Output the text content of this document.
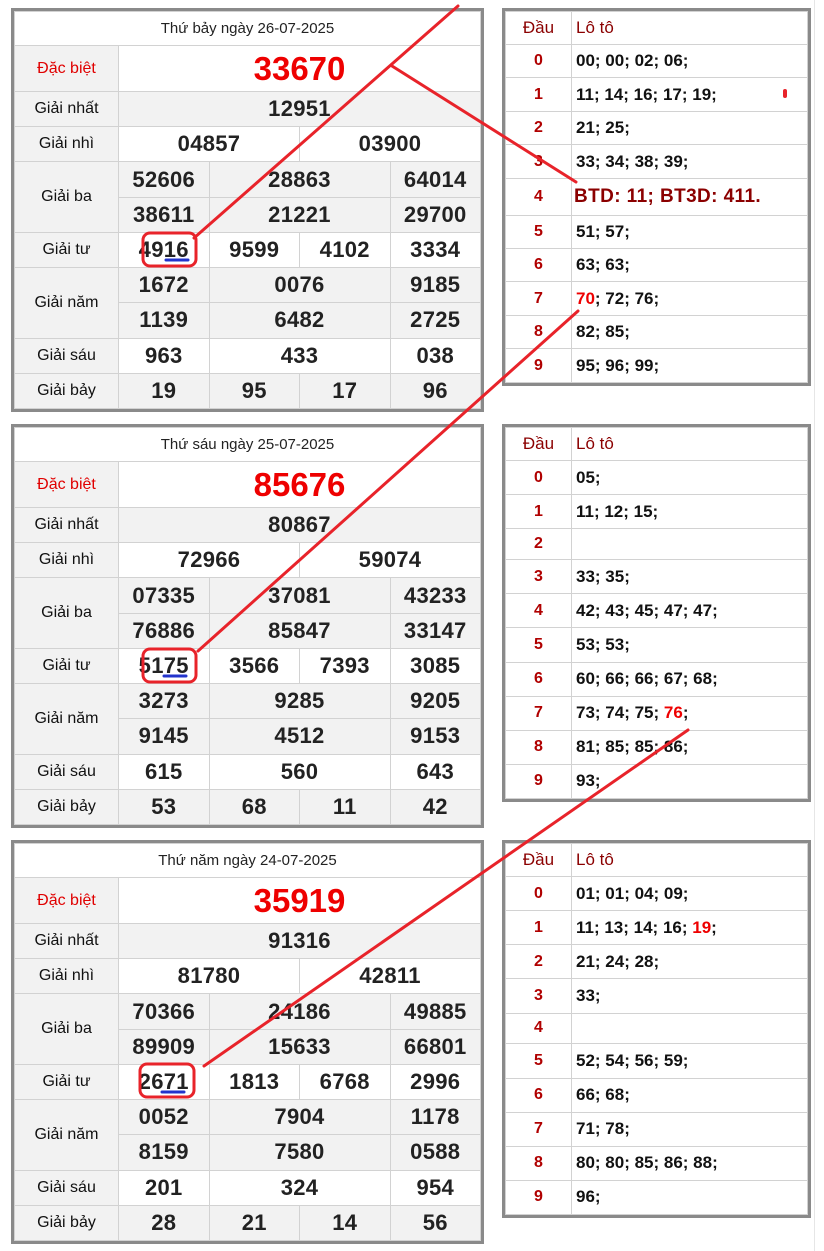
Thứ bảy ngày 26-07-2025				
Đặc biệt	33670			
Giải nhất	12951			
Giải nhì	04857		03900	
Giải ba	52606	28863		64014
	38611	21221		29700
Giải tư	4916	9599	4102	3334
Giải năm	1672	0076		9185
	1139	6482		2725
Giải sáu	963	433		038
Giải bảy	19	95	17	96
Đầu	Lô tô
0	00; 00; 02; 06;
1	11; 14; 16; 17; 19;
2	21; 25;
3	33; 34; 38; 39;
4	BTD: 11; BT3D: 411.
5	51; 57;
6	63; 63;
7	70; 72; 76;
8	82; 85;
9	95; 96; 99;
Thứ sáu ngày 25-07-2025				
Đặc biệt	85676			
Giải nhất	80867			
Giải nhì	72966		59074	
Giải ba	07335	37081		43233
	76886	85847		33147
Giải tư	5175	3566	7393	3085
Giải năm	3273	9285		9205
	9145	4512		9153
Giải sáu	615	560		643
Giải bảy	53	68	11	42
Đầu	Lô tô
0	05;
1	11; 12; 15;
2	
3	33; 35;
4	42; 43; 45; 47; 47;
5	53; 53;
6	60; 66; 66; 67; 68;
7	73; 74; 75; 76;
8	81; 85; 85; 86;
9	93;
Thứ năm ngày 24-07-2025				
Đặc biệt	35919			
Giải nhất	91316			
Giải nhì	81780		42811	
Giải ba	70366	24186		49885
	89909	15633		66801
Giải tư	2671	1813	6768	2996
Giải năm	0052	7904		1178
	8159	7580		0588
Giải sáu	201	324		954
Giải bảy	28	21	14	56
Đầu	Lô tô
0	01; 01; 04; 09;
1	11; 13; 14; 16; 19;
2	21; 24; 28;
3	33;
4	
5	52; 54; 56; 59;
6	66; 68;
7	71; 78;
8	80; 80; 85; 86; 88;
9	96;
